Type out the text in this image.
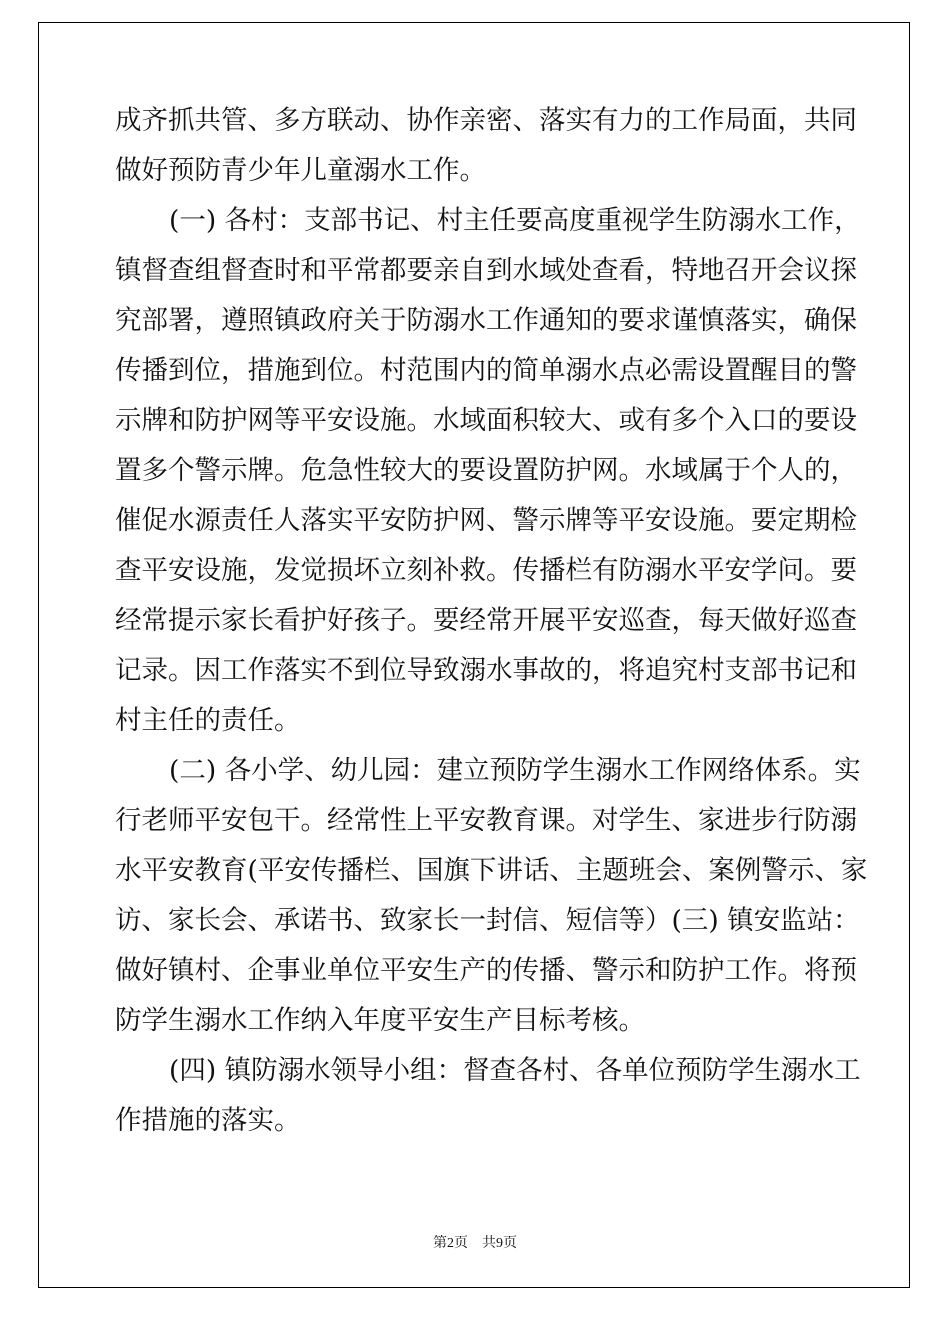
成齐抓共管、多方联动、协作亲密、落实有力的工作局面，共同
做好预防青少年儿童溺水工作。
(一) 各村：支部书记、村主任要高度重视学生防溺水工作，
镇督查组督查时和平常都要亲自到水域处查看，特地召开会议探
究部署，遵照镇政府关于防溺水工作通知的要求谨慎落实，确保
传播到位，措施到位。村范围内的简单溺水点必需设置醒目的警
示牌和防护网等平安设施。水域面积较大、或有多个入口的要设
置多个警示牌。危急性较大的要设置防护网。水域属于个人的，
催促水源责任人落实平安防护网、警示牌等平安设施。要定期检
查平安设施，发觉损坏立刻补救。传播栏有防溺水平安学问。要
经常提示家长看护好孩子。要经常开展平安巡查，每天做好巡查
记录。因工作落实不到位导致溺水事故的，将追究村支部书记和
村主任的责任。
(二) 各小学、幼儿园：建立预防学生溺水工作网络体系。实
行老师平安包干。经常性上平安教育课。对学生、家进步行防溺
水平安教育(平安传播栏、国旗下讲话、主题班会、案例警示、家
访、家长会、承诺书、致家长一封信、短信等）(三) 镇安监站：
做好镇村、企事业单位平安生产的传播、警示和防护工作。将预
防学生溺水工作纳入年度平安生产目标考核。
(四) 镇防溺水领导小组：督查各村、各单位预防学生溺水工
作措施的落实。
第2页 共9页
